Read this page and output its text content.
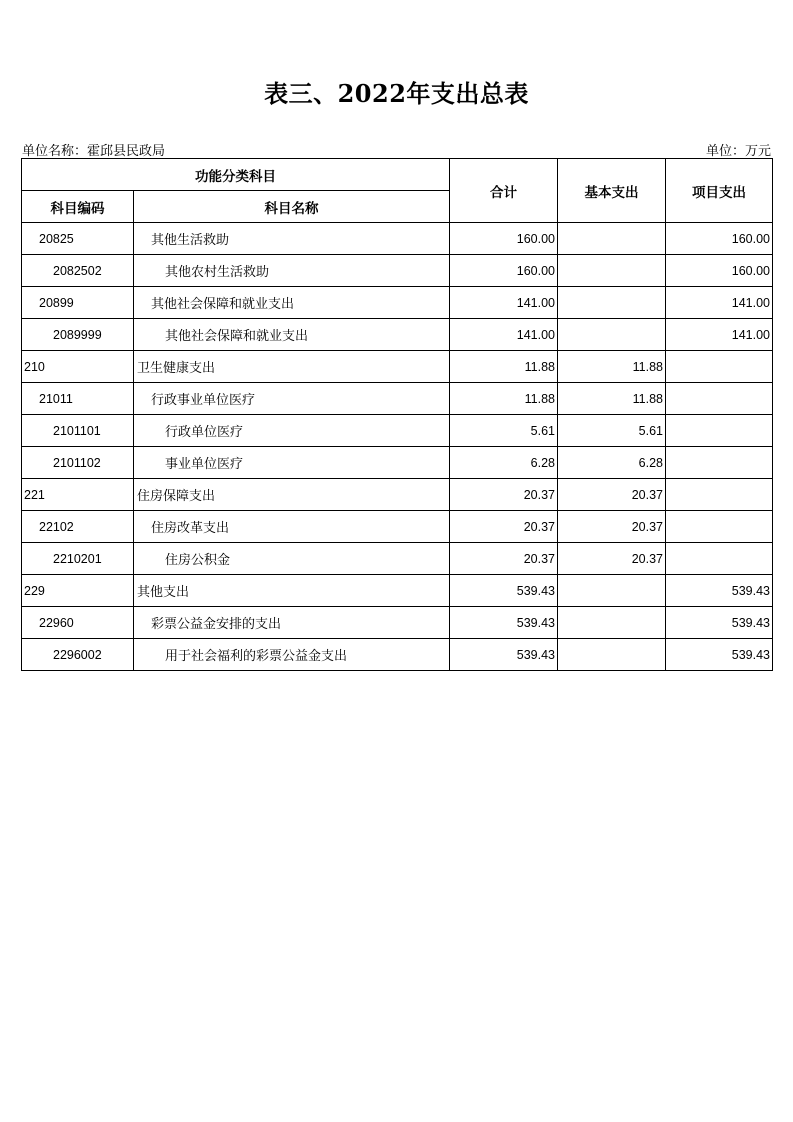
表三、2022年支出总表
单位名称：霍邱县民政局	单位：万元
功能分类科目		合计	基本支出	项目支出
科目编码	科目名称			
20825	其他生活救助	160.00		160.00
2082502	其他农村生活救助	160.00		160.00
20899	其他社会保障和就业支出	141.00		141.00
2089999	其他社会保障和就业支出	141.00		141.00
210	卫生健康支出	11.88	11.88	
21011	行政事业单位医疗	11.88	11.88	
2101101	行政单位医疗	5.61	5.61	
2101102	事业单位医疗	6.28	6.28	
221	住房保障支出	20.37	20.37	
22102	住房改革支出	20.37	20.37	
2210201	住房公积金	20.37	20.37	
229	其他支出	539.43		539.43
22960	彩票公益金安排的支出	539.43		539.43
2296002	用于社会福利的彩票公益金支出	539.43		539.43
